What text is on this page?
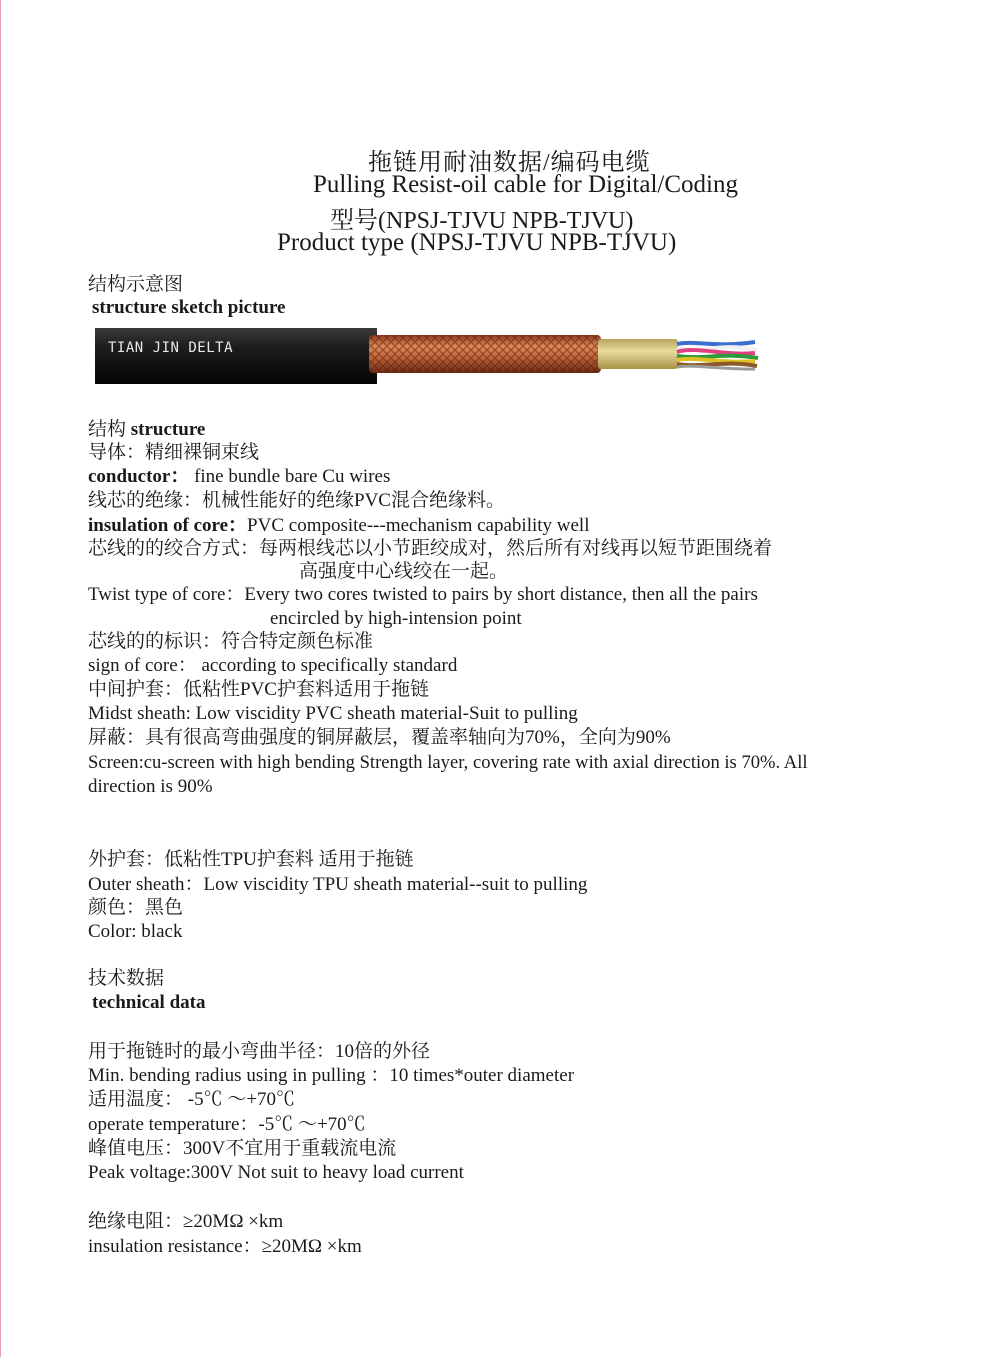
拖链用耐油数据/编码电缆
Pulling Resist-oil cable for Digital/Coding
型号(NPSJ-TJVU NPB-TJVU)
Product type (NPSJ-TJVU NPB-TJVU)
结构示意图
structure sketch picture
TIAN JIN DELTA
结构 structure
导体：精细裸铜束线
conductor： fine bundle bare Cu wires
线芯的绝缘：机械性能好的绝缘PVC混合绝缘料。
insulation of core：PVC composite---mechanism capability well
芯线的的绞合方式：每两根线芯以小节距绞成对，然后所有对线再以短节距围绕着
高强度中心线绞在一起。
Twist type of core：Every two cores twisted to pairs by short distance, then all the pairs
encircled by high-intension point
芯线的的标识：符合特定颜色标准
sign of core： according to specifically standard
中间护套：低粘性PVC护套料适用于拖链
Midst sheath: Low viscidity PVC sheath material-Suit to pulling
屏蔽：具有很高弯曲强度的铜屏蔽层，覆盖率轴向为70%，全向为90%
Screen:cu-screen with high bending Strength layer, covering rate with axial direction is 70%. All
direction is 90%
外护套：低粘性TPU护套料 适用于拖链
Outer sheath：Low viscidity TPU sheath material--suit to pulling
颜色：黑色
Color: black
技术数据
technical data
用于拖链时的最小弯曲半径：10倍的外径
Min. bending radius using in pulling ：10 times*outer diameter
适用温度： -5℃ ～+70℃
operate temperature：-5℃ ～+70℃
峰值电压：300V不宜用于重载流电流
Peak voltage:300V Not suit to heavy load current
绝缘电阻：≥20MΩ ×km
insulation resistance：≥20MΩ ×km
